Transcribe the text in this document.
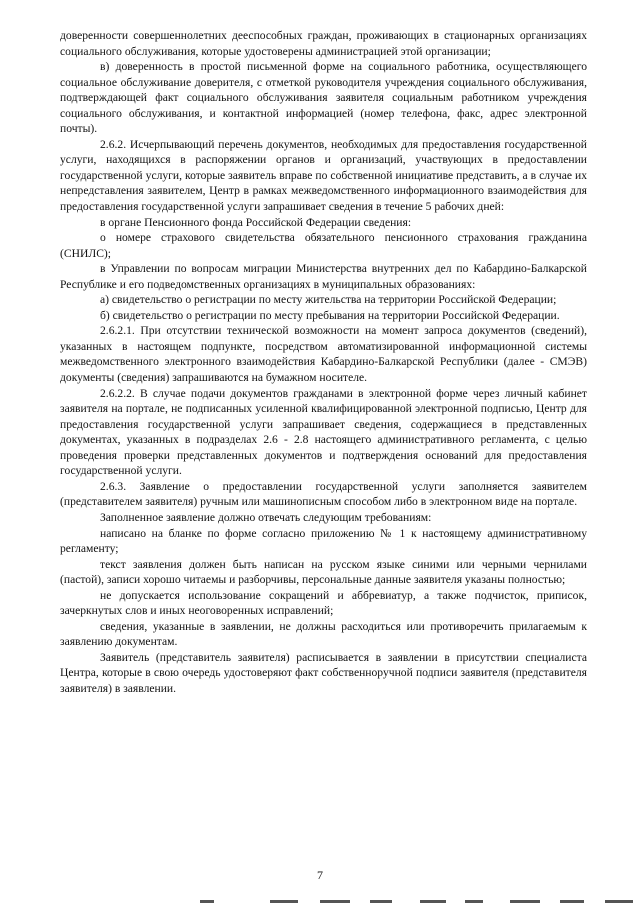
доверенности совершеннолетних дееспособных граждан, проживающих в стационарных организациях социального обслуживания, которые удостоверены администрацией этой организации;

в) доверенность в простой письменной форме на социального работника, осуществляющего социальное обслуживание доверителя, с отметкой руководителя учреждения социального обслуживания, подтверждающей факт социального обслуживания заявителя социальным работником учреждения социального обслуживания, и контактной информацией (номер телефона, факс, адрес электронной почты).

2.6.2. Исчерпывающий перечень документов, необходимых для предоставления государственной услуги, находящихся в распоряжении органов и организаций, участвующих в предоставлении государственной услуги, которые заявитель вправе по собственной инициативе представить, а в случае их непредставления заявителем, Центр в рамках межведомственного информационного взаимодействия для предоставления государственной услуги запрашивает сведения в течение 5 рабочих дней:

в органе Пенсионного фонда Российской Федерации сведения:

о номере страхового свидетельства обязательного пенсионного страхования гражданина (СНИЛС);

в Управлении по вопросам миграции Министерства внутренних дел по Кабардино-Балкарской Республике и его подведомственных организациях в муниципальных образованиях:

а) свидетельство о регистрации по месту жительства на территории Российской Федерации;

б) свидетельство о регистрации по месту пребывания на территории Российской Федерации.

2.6.2.1. При отсутствии технической возможности на момент запроса документов (сведений), указанных в настоящем подпункте, посредством автоматизированной информационной системы межведомственного электронного взаимодействия Кабардино-Балкарской Республики (далее - СМЭВ) документы (сведения) запрашиваются на бумажном носителе.

2.6.2.2. В случае подачи документов гражданами в электронной форме через личный кабинет заявителя на портале, не подписанных усиленной квалифицированной электронной подписью, Центр для предоставления государственной услуги запрашивает сведения, содержащиеся в представленных документах, указанных в подразделах 2.6 - 2.8 настоящего административного регламента, с целью проведения проверки представленных документов и подтверждения оснований для предоставления государственной услуги.

2.6.3. Заявление о предоставлении государственной услуги заполняется заявителем (представителем заявителя) ручным или машинописным способом либо в электронном виде на портале.

Заполненное заявление должно отвечать следующим требованиям:

написано на бланке по форме согласно приложению № 1 к настоящему административному регламенту;

текст заявления должен быть написан на русском языке синими или черными чернилами (пастой), записи хорошо читаемы и разборчивы, персональные данные заявителя указаны полностью;

не допускается использование сокращений и аббревиатур, а также подчисток, приписок, зачеркнутых слов и иных неоговоренных исправлений;

сведения, указанные в заявлении, не должны расходиться или противоречить прилагаемым к заявлению документам.

Заявитель (представитель заявителя) расписывается в заявлении в присутствии специалиста Центра, которые в свою очередь удостоверяют факт собственноручной подписи заявителя (представителя заявителя) в заявлении.

7
